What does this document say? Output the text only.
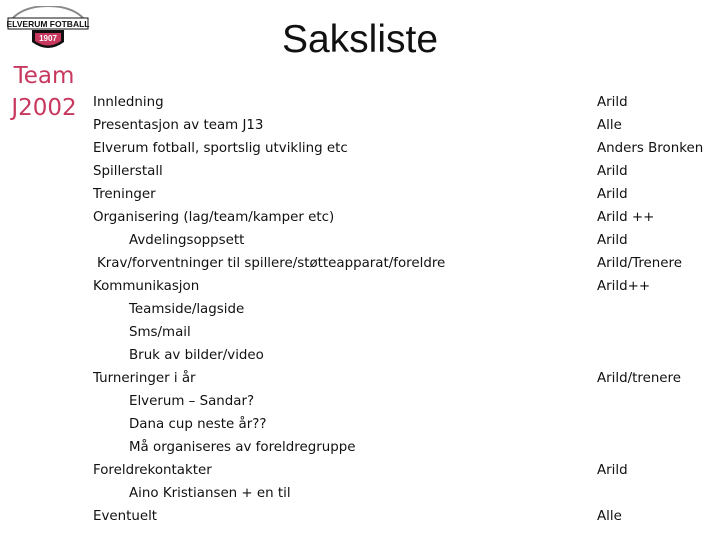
ELVERUM FOTBALL
1907
Team
J2002
Saksliste
Innledning	Arild
Presentasjon av team J13	Alle
Elverum fotball, sportslig utvikling etc	Anders Bronken
Spillerstall	Arild
Treninger	Arild
Organisering (lag/team/kamper etc)	Arild ++
Avdelingsoppsett	Arild
Krav/forventninger til spillere/støtteapparat/foreldre	Arild/Trenere
Kommunikasjon	Arild++
Teamside/lagside
Sms/mail
Bruk av bilder/video
Turneringer i år	Arild/trenere
Elverum – Sandar?
Dana cup neste år??
Må organiseres av foreldregruppe
Foreldrekontakter	Arild
Aino Kristiansen + en til
Eventuelt	Alle
